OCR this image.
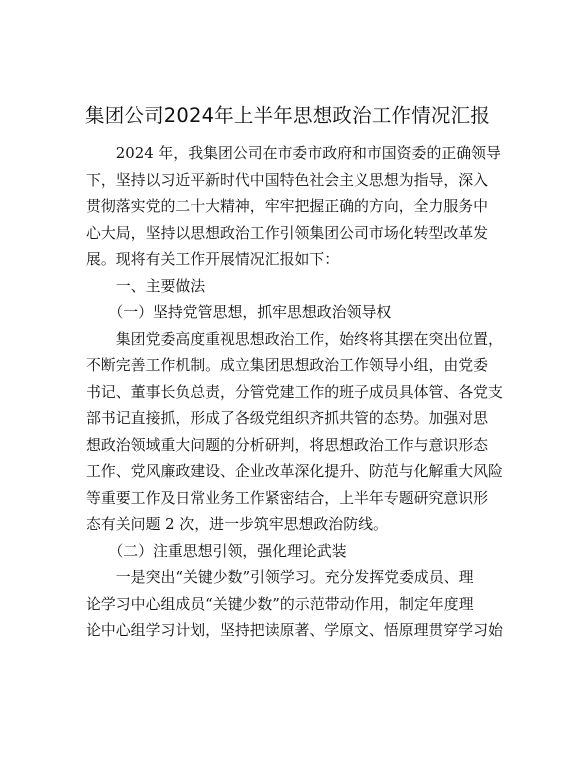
集团公司2024年上半年思想政治工作情况汇报
　　2024 年，我集团公司在市委市政府和市国资委的正确领导
下，坚持以习近平新时代中国特色社会主义思想为指导，深入
贯彻落实党的二十大精神，牢牢把握正确的方向，全力服务中
心大局，坚持以思想政治工作引领集团公司市场化转型改革发
展。现将有关工作开展情况汇报如下：
　　一、主要做法
　　（一）坚持党管思想，抓牢思想政治领导权
　　集团党委高度重视思想政治工作，始终将其摆在突出位置，
不断完善工作机制。成立集团思想政治工作领导小组，由党委
书记、董事长负总责，分管党建工作的班子成员具体管、各党支
部书记直接抓，形成了各级党组织齐抓共管的态势。加强对思
想政治领域重大问题的分析研判，将思想政治工作与意识形态
工作、党风廉政建设、企业改革深化提升、防范与化解重大风险
等重要工作及日常业务工作紧密结合，上半年专题研究意识形
态有关问题 2 次，进一步筑牢思想政治防线。
　　（二）注重思想引领，强化理论武装
　　一是突出“关键少数”引领学习。充分发挥党委成员、理
论学习中心组成员“关键少数”的示范带动作用，制定年度理
论中心组学习计划，坚持把读原著、学原文、悟原理贯穿学习始
